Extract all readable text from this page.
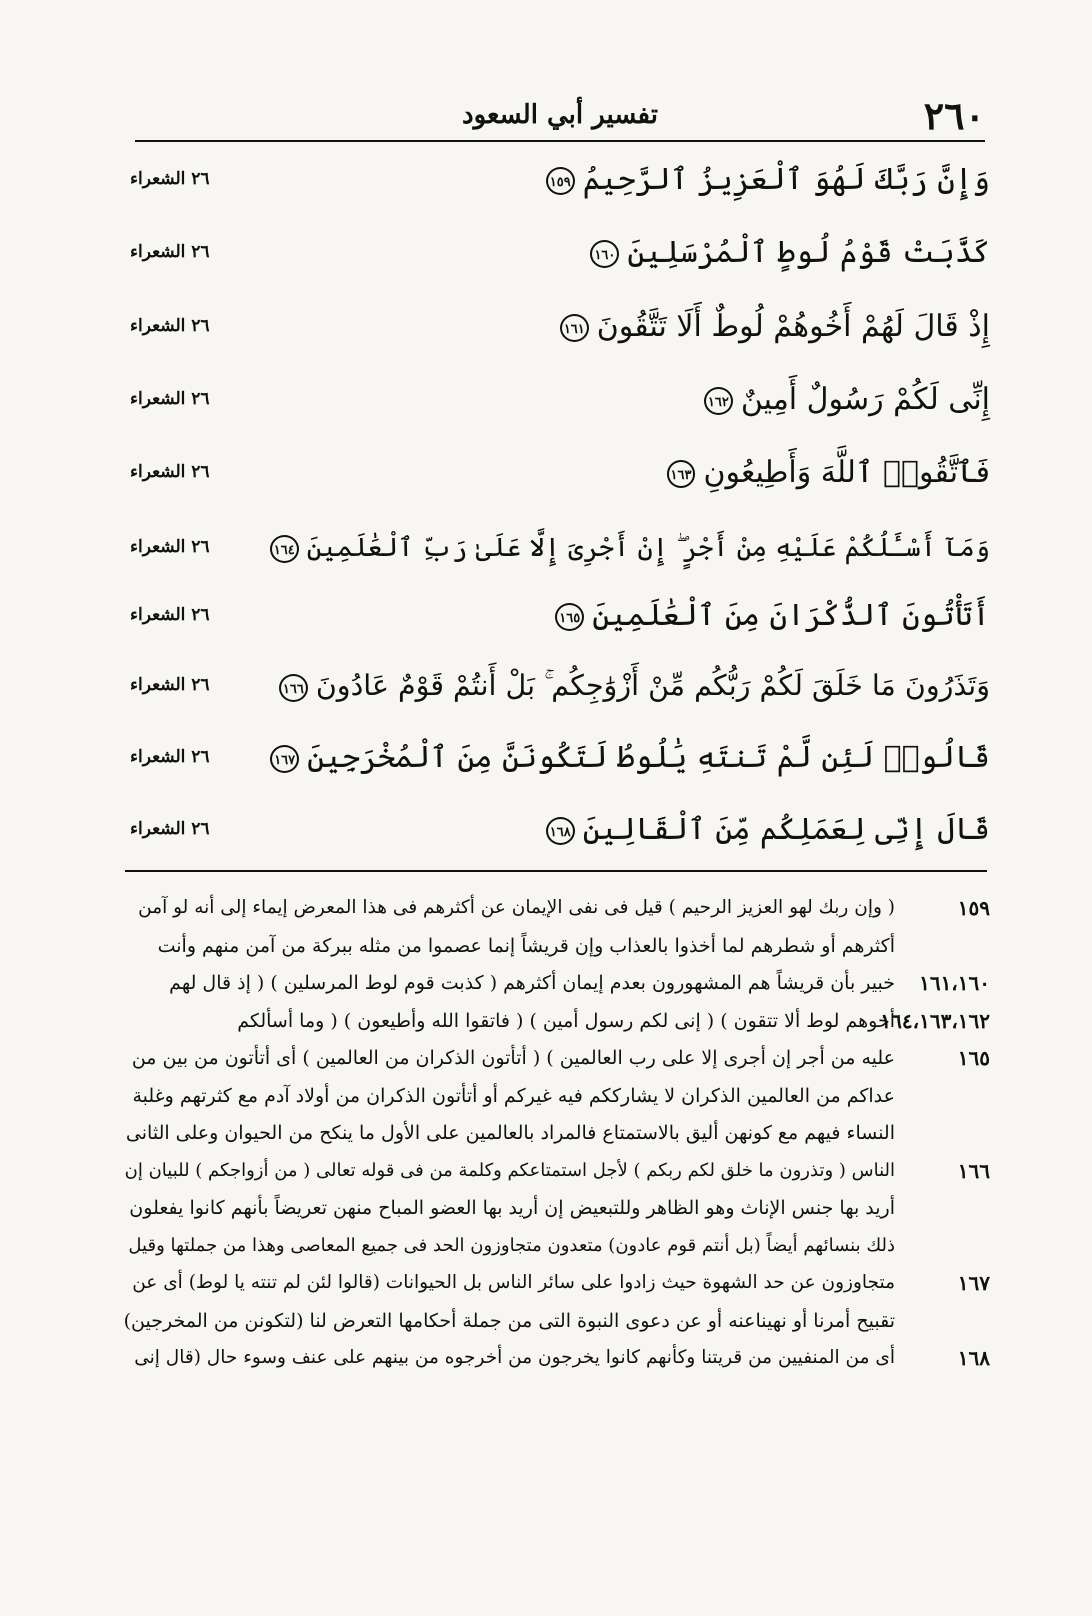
٢٦٠
تفسير أبي السعود
وَإِنَّ رَبَّكَ لَهُوَ ٱلْعَزِيزُ ٱلرَّحِيمُ١٥٩
٢٦ الشعراء
كَذَّبَتْ قَوْمُ لُوطٍ ٱلْمُرْسَلِينَ١٦٠
٢٦ الشعراء
إِذْ قَالَ لَهُمْ أَخُوهُمْ لُوطٌ أَلَا تَتَّقُونَ١٦١
٢٦ الشعراء
إِنِّى لَكُمْ رَسُولٌ أَمِينٌ١٦٢
٢٦ الشعراء
فَٱتَّقُوا۟ ٱللَّهَ وَأَطِيعُونِ١٦٣
٢٦ الشعراء
وَمَآ أَسْـَٔلُكُمْ عَلَيْهِ مِنْ أَجْرٍ ۖ إِنْ أَجْرِىَ إِلَّا عَلَىٰ رَبِّ ٱلْعَٰلَمِينَ١٦٤
٢٦ الشعراء
أَتَأْتُونَ ٱلذُّكْرَانَ مِنَ ٱلْعَٰلَمِينَ١٦٥
٢٦ الشعراء
وَتَذَرُونَ مَا خَلَقَ لَكُمْ رَبُّكُم مِّنْ أَزْوَٰجِكُم ۚ بَلْ أَنتُمْ قَوْمٌ عَادُونَ١٦٦
٢٦ الشعراء
قَالُوا۟ لَئِن لَّمْ تَنتَهِ يَٰلُوطُ لَتَكُونَنَّ مِنَ ٱلْمُخْرَجِينَ١٦٧
٢٦ الشعراء
قَالَ إِنِّى لِعَمَلِكُم مِّنَ ٱلْقَالِينَ١٦٨
٢٦ الشعراء
١٥٩
( وإن ربك لهو العزيز الرحيم ) قيل فى نفى الإيمان عن أكثرهم فى هذا المعرض إيماء إلى أنه لو آمن
أكثرهم أو شطرهم لما أخذوا بالعذاب وإن قريشاً إنما عصموا من مثله ببركة من آمن منهم وأنت
١٦١،١٦٠
خبير بأن قريشاً هم المشهورون بعدم إيمان أكثرهم ( كذبت قوم لوط المرسلين ) ( إذ قال لهم
١٦٤،١٦٣،١٦٢
أخوهم لوط ألا تتقون ) ( إنى لكم رسول أمين ) ( فاتقوا الله وأطيعون ) ( وما أسألكم
١٦٥
عليه من أجر إن أجرى إلا على رب العالمين ) ( أتأتون الذكران من العالمين ) أى أتأتون من بين من
عداكم من العالمين الذكران لا يشارككم فيه غيركم أو أتأتون الذكران من أولاد آدم مع كثرتهم وغلبة
النساء فيهم مع كونهن أليق بالاستمتاع فالمراد بالعالمين على الأول ما ينكح من الحيوان وعلى الثانى
١٦٦
الناس ( وتذرون ما خلق لكم ربكم ) لأجل استمتاعكم وكلمة من فى قوله تعالى ( من أزواجكم ) للبيان إن
أريد بها جنس الإناث وهو الظاهر وللتبعيض إن أريد بها العضو المباح منهن تعريضاً بأنهم كانوا يفعلون
ذلك بنسائهم أيضاً (بل أنتم قوم عادون) متعدون متجاوزون الحد فى جميع المعاصى وهذا من جملتها وقيل
١٦٧
متجاوزون عن حد الشهوة حيث زادوا على سائر الناس بل الحيوانات (قالوا لئن لم تنته يا لوط) أى عن
تقبيح أمرنا أو نهيناعنه أو عن دعوى النبوة التى من جملة أحكامها التعرض لنا (لتكونن من المخرجين)
١٦٨
أى من المنفيين من قريتنا وكأنهم كانوا يخرجون من أخرجوه من بينهم على عنف وسوء حال (قال إنى
